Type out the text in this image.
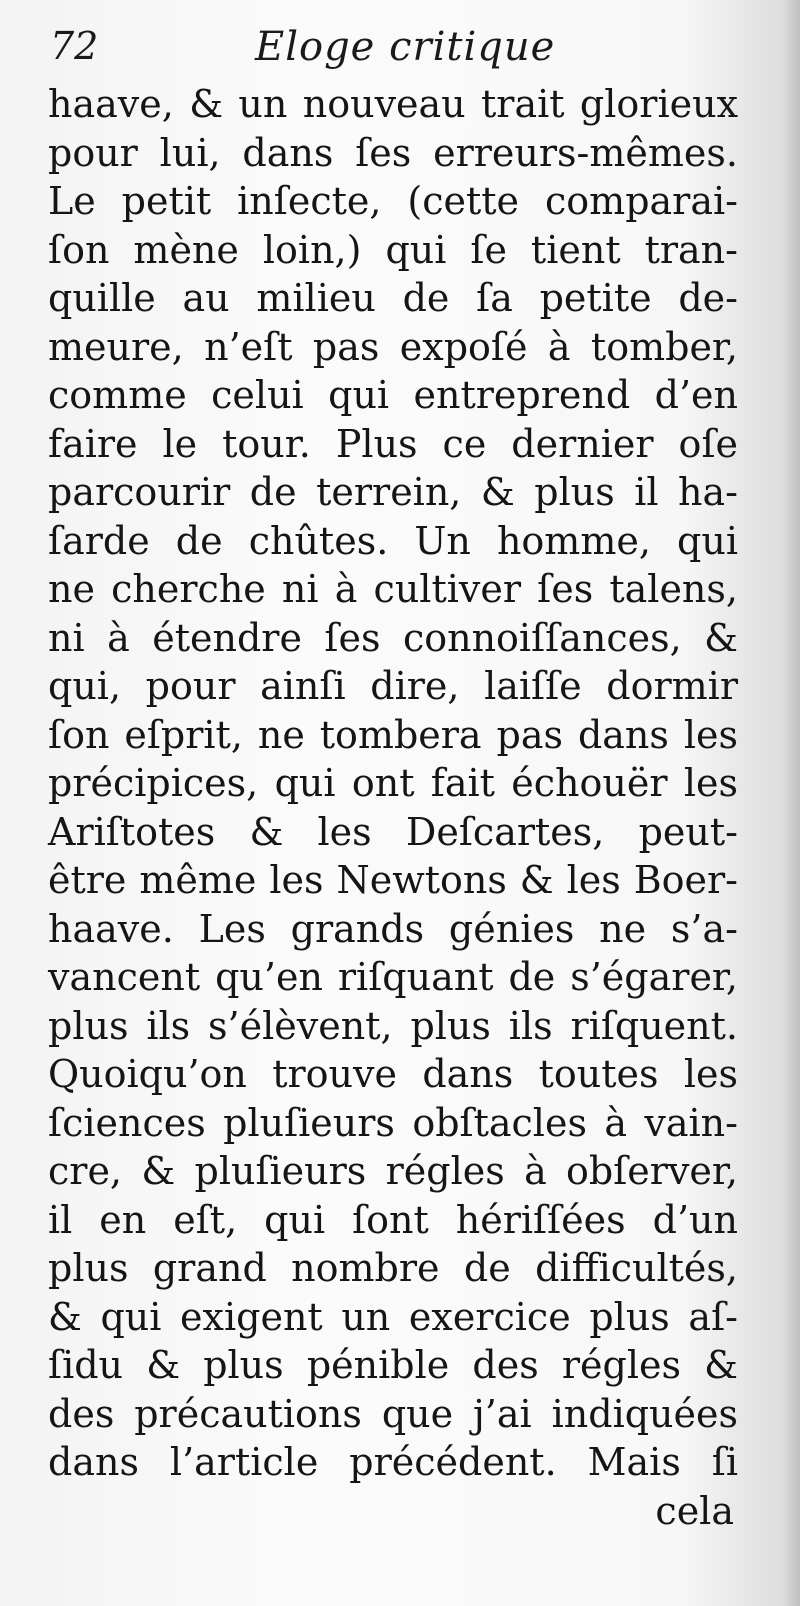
72	Eloge critique
haave, & un nouveau trait glorieux
pour lui, dans ſes erreurs-mêmes.
Le petit inſecte, (cette comparai-
ſon mène loin,) qui ſe tient tran-
quille au milieu de ſa petite de-
meure, n’eſt pas expoſé à tomber,
comme celui qui entreprend d’en
faire le tour. Plus ce dernier oſe
parcourir de terrein, & plus il ha-
ſarde de chûtes. Un homme, qui
ne cherche ni à cultiver ſes talens,
ni à étendre ſes connoiſſances, &
qui, pour ainſi dire, laiſſe dormir
ſon eſprit, ne tombera pas dans les
précipices, qui ont fait échouër les
Ariſtotes & les Deſcartes, peut-
être même les Newtons & les Boer-
haave. Les grands génies ne s’a-
vancent qu’en riſquant de s’égarer,
plus ils s’élèvent, plus ils riſquent.
Quoiqu’on trouve dans toutes les
ſciences pluſieurs obſtacles à vain-
cre, & pluſieurs régles à obſerver,
il en eſt, qui ſont hériſſées d’un
plus grand nombre de difficultés,
& qui exigent un exercice plus aſ-
ſidu & plus pénible des régles &
des précautions que j’ai indiquées
dans l’article précédent. Mais ſi
cela
